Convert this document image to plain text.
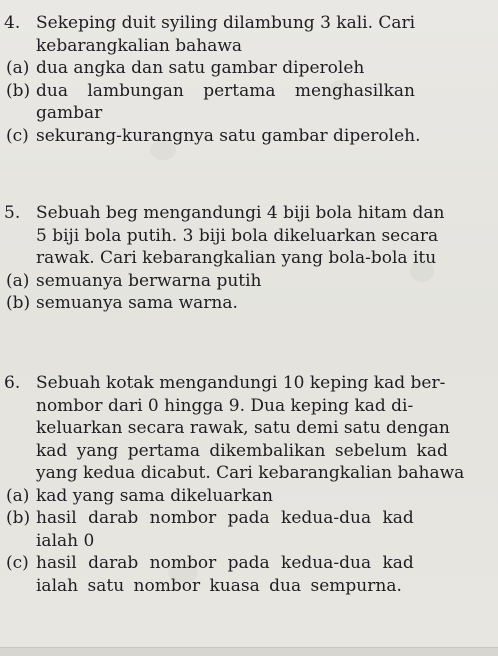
4. Sekeping duit syiling dilambung 3 kali. Cari
kebarangkalian bahawa
(a) dua angka dan satu gambar diperoleh
(b) dua lambungan pertama menghasilkan
gambar
(c) sekurang-kurangnya satu gambar diperoleh.
5. Sebuah beg mengandungi 4 biji bola hitam dan
5 biji bola putih. 3 biji bola dikeluarkan secara
rawak. Cari kebarangkalian yang bola-bola itu
(a) semuanya berwarna putih
(b) semuanya sama warna.
6. Sebuah kotak mengandungi 10 keping kad ber-
nombor dari 0 hingga 9. Dua keping kad di-
keluarkan secara rawak, satu demi satu dengan
kad yang pertama dikembalikan sebelum kad
yang kedua dicabut. Cari kebarangkalian bahawa
(a) kad yang sama dikeluarkan
(b) hasil darab nombor pada kedua-dua kad
ialah 0
(c) hasil darab nombor pada kedua-dua kad
ialah satu nombor kuasa dua sempurna.
